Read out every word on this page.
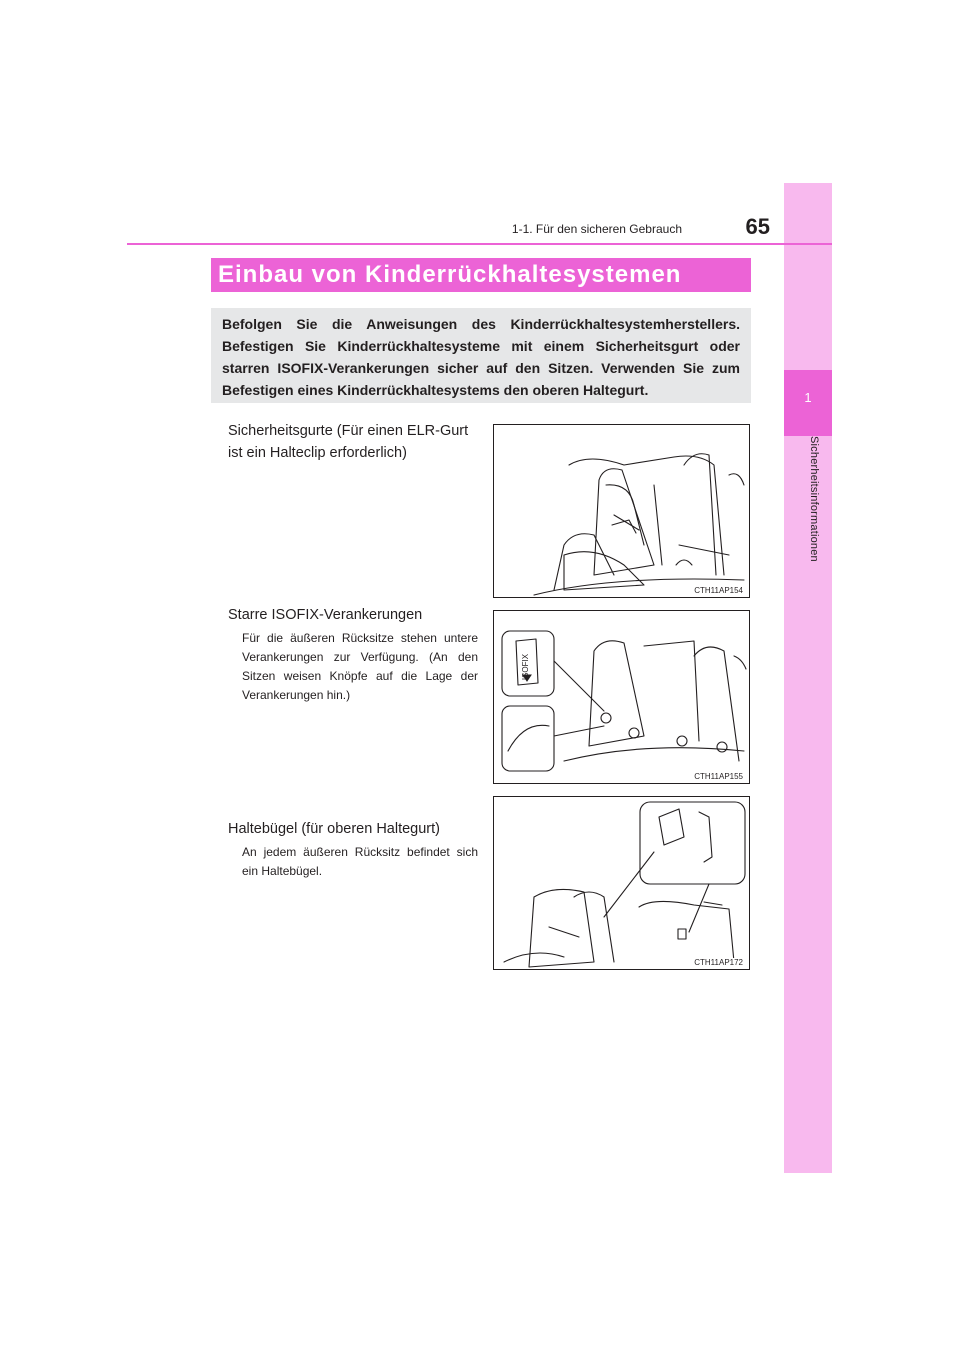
1
Sicherheitsinformationen
1-1. Für den sicheren Gebrauch	65
Einbau von Kinderrückhaltesystemen
Befolgen Sie die Anweisungen des Kinderrückhaltesystemherstellers. Befestigen Sie Kinderrückhaltesysteme mit einem Sicherheitsgurt oder starren ISOFIX-Verankerungen sicher auf den Sitzen. Verwenden Sie zum Befestigen eines Kinderrückhaltesystems den oberen Haltegurt.
Sicherheitsgurte (Für einen ELR-Gurt ist ein Halteclip erforderlich)
CTH11AP154
Starre ISOFIX-Verankerungen
Für die äußeren Rücksitze stehen untere Verankerungen zur Verfügung. (An den Sitzen weisen Knöpfe auf die Lage der Verankerungen hin.)
ISOFIX
CTH11AP155
Haltebügel (für oberen Haltegurt)
An jedem äußeren Rücksitz befindet sich ein Haltebügel.
CTH11AP172
